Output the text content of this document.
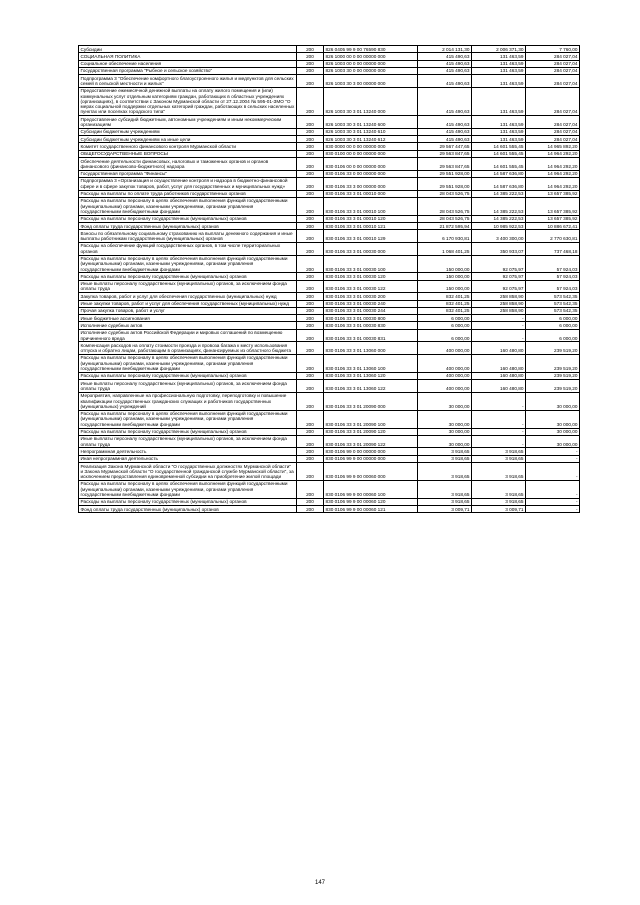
Субсидии	200	826 0405 99 9 00 76590 830	2 014 131,30	2 006 371,30	7 760,00
СОЦИАЛЬНАЯ ПОЛИТИКА	200	826 1000 00 0 00 00000 000	415 490,63	131 463,59	284 027,04
Социальное обеспечение населения	200	826 1003 00 0 00 00000 000	415 490,63	131 463,59	284 027,04
Государственная программа "Рыбное и сельское хозяйство"	200	826 1003 30 0 00 00000 000	415 490,63	131 463,59	284 027,04
Подпрограмма 3 "Обеспечение комфортного благоустроенного жилья и медпунктов для сельских семей в сельской местности и жилых"	200	826 1003 30 3 00 00000 000	415 490,63	131 463,59	284 027,04
Предоставление ежемесячной денежной выплаты на оплату жилого помещения и (или) коммунальных услуг отдельным категориям граждан, работающих в областных учреждениях (организациях), в соответствии с Законом Мурманской области от 27.12.2004 № 595-01-ЗМО "О мерах социальной поддержки отдельных категорий граждан, работающих в сельских населенных пунктах или поселках городского типа"	200	826 1003 30 3 01 13240 000	415 490,63	131 463,59	284 027,04
Предоставление субсидий бюджетным, автономным учреждениям и иным некоммерческим организациям	200	826 1003 30 3 01 13240 600	415 490,63	131 463,59	284 027,04
Субсидии бюджетным учреждениям	200	826 1003 30 3 01 13240 610	415 490,63	131 463,59	284 027,04
Субсидии бюджетным учреждениям на иные цели	200	826 1003 30 3 01 13240 612	415 490,63	131 463,59	284 027,04
Комитет государственного финансового контроля Мурманской области	200	830 0000 00 0 00 00000 000	29 567 447,65	14 601 555,45	14 965 892,20
ОБЩЕГОСУДАРСТВЕННЫЕ ВОПРОСЫ	200	830 0100 00 0 00 00000 000	29 563 847,65	14 601 555,45	14 964 292,20
Обеспечение деятельности финансовых, налоговых и таможенных органов и органов финансового (финансово-бюджетного) надзора	200	830 0106 00 0 00 00000 000	29 563 847,65	14 601 555,45	14 964 292,20
Государственная программа "Финансы"	200	830 0106 33 0 00 00000 000	29 551 928,00	14 587 636,80	14 964 292,20
Подпрограмма 3 «Организация и осуществление контроля и надзора в бюджетно-финансовой сфере и в сфере закупок товаров, работ, услуг для государственных и муниципальных нужд»	200	830 0106 33 3 00 00000 000	29 551 928,00	14 587 636,80	14 964 292,20
Расходы на выплаты по оплате труда работников государственных органов	200	830 0106 33 3 01 00010 000	28 043 526,75	14 385 222,53	13 657 385,92
Расходы на выплаты персоналу в целях обеспечения выполнения функций государственными (муниципальными) органами, казенными учреждениями, органами управления государственными внебюджетными фондами	200	830 0106 33 3 01 00010 100	28 043 526,75	14 385 222,53	13 657 385,92
Расходы на выплаты персоналу государственных (муниципальных) органов	200	830 0106 33 3 01 00010 120	28 043 526,75	14 385 222,53	13 657 385,92
Фонд оплаты труда государственных (муниципальных) органов	200	830 0106 33 3 01 00010 121	21 872 595,94	10 985 922,53	10 886 672,41
Взносы по обязательному социальному страхованию на выплаты денежного содержания и иные выплаты работникам государственных (муниципальных) органов	200	830 0106 33 3 01 00010 129	6 170 930,81	3 400 300,00	2 770 630,81
Расходы на обеспечение функций государственных органов, в том числе территориальных органов	200	830 0106 33 3 01 00030 000	1 068 401,25	350 933,07	737 468,18
Расходы на выплаты персоналу в целях обеспечения выполнения функций государственными (муниципальными) органами, казенными учреждениями, органами управления государственными внебюджетными фондами	200	830 0106 33 3 01 00030 100	150 000,00	92 075,97	57 924,03
Расходы на выплаты персоналу государственных (муниципальных) органов	200	830 0106 33 3 01 00030 120	150 000,00	92 075,97	57 924,03
Иные выплаты персоналу государственных (муниципальных) органов, за исключением фонда оплаты труда	200	830 0106 33 3 01 00030 122	150 000,00	92 075,97	57 924,03
Закупка товаров, работ и услуг для обеспечения государственных (муниципальных) нужд	200	830 0106 33 3 01 00030 200	832 401,25	258 858,90	573 542,35
Иные закупки товаров, работ и услуг для обеспечения государственных (муниципальных) нужд	200	830 0106 33 3 01 00030 240	832 401,25	258 858,90	573 542,35
Прочая закупка товаров, работ и услуг	200	830 0106 33 3 01 00030 244	832 401,25	258 858,90	573 542,35
Иные бюджетные ассигнования	200	830 0106 33 3 01 00030 800	6 000,00	-	6 000,00
Исполнение судебных актов	200	830 0106 33 3 01 00030 830	6 000,00	-	6 000,00
Исполнение судебных актов Российской Федерации и мировых соглашений по возмещению причиненного вреда	200	830 0106 33 3 01 00030 831	6 000,00	-	6 000,00
Компенсация расходов на оплату стоимости проезда и провоза багажа к месту использования отпуска и обратно лицам, работающим в организациях, финансируемых из областного бюджета	200	830 0106 33 3 01 13060 000	400 000,00	160 480,80	239 519,20
Расходы на выплаты персоналу в целях обеспечения выполнения функций государственными (муниципальными) органами, казенными учреждениями, органами управления государственными внебюджетными фондами	200	830 0106 33 3 01 13060 100	400 000,00	160 480,80	239 519,20
Расходы на выплаты персоналу государственных (муниципальных) органов	200	830 0106 33 3 01 13060 120	400 000,00	160 480,80	239 519,20
Иные выплаты персоналу государственных (муниципальных) органов, за исключением фонда оплаты труда	200	830 0106 33 3 01 13060 122	400 000,00	160 480,80	239 519,20
Мероприятия, направленные на профессиональную подготовку, переподготовку и повышение квалификации государственных гражданских служащих и работников государственных (муниципальных) учреждений	200	830 0106 33 3 01 20090 000	30 000,00	-	30 000,00
Расходы на выплаты персоналу в целях обеспечения выполнения функций государственными (муниципальными) органами, казенными учреждениями, органами управления государственными внебюджетными фондами	200	830 0106 33 3 01 20090 100	30 000,00	-	30 000,00
Расходы на выплаты персоналу государственных (муниципальных) органов	200	830 0106 33 3 01 20090 120	30 000,00	-	30 000,00
Иные выплаты персоналу государственных (муниципальных) органов, за исключением фонда оплаты труда	200	830 0106 33 3 01 20090 122	30 000,00	-	30 000,00
Непрограммная деятельность	200	830 0106 99 0 00 00000 000	3 918,65	3 918,65	-
Иная непрограммная деятельность	200	830 0106 99 9 00 00000 000	3 918,65	3 918,65	-
Реализация Закона Мурманской области "О государственных должностях Мурманской области" и Закона Мурманской области "О государственной гражданской службе Мурманской области", за исключением предоставления единовременной субсидии на приобретение жилой площади	200	830 0106 99 9 00 00060 000	3 918,65	3 918,65	-
Расходы на выплаты персоналу в целях обеспечения выполнения функций государственными (муниципальными) органами, казенными учреждениями, органами управления государственными внебюджетными фондами	200	830 0106 99 9 00 00060 100	3 918,65	3 918,65	-
Расходы на выплаты персоналу государственных (муниципальных) органов	200	830 0106 99 9 00 00060 120	3 918,65	3 918,65	-
Фонд оплаты труда государственных (муниципальных) органов	200	830 0106 99 9 00 00060 121	3 009,71	3 009,71	-
147
